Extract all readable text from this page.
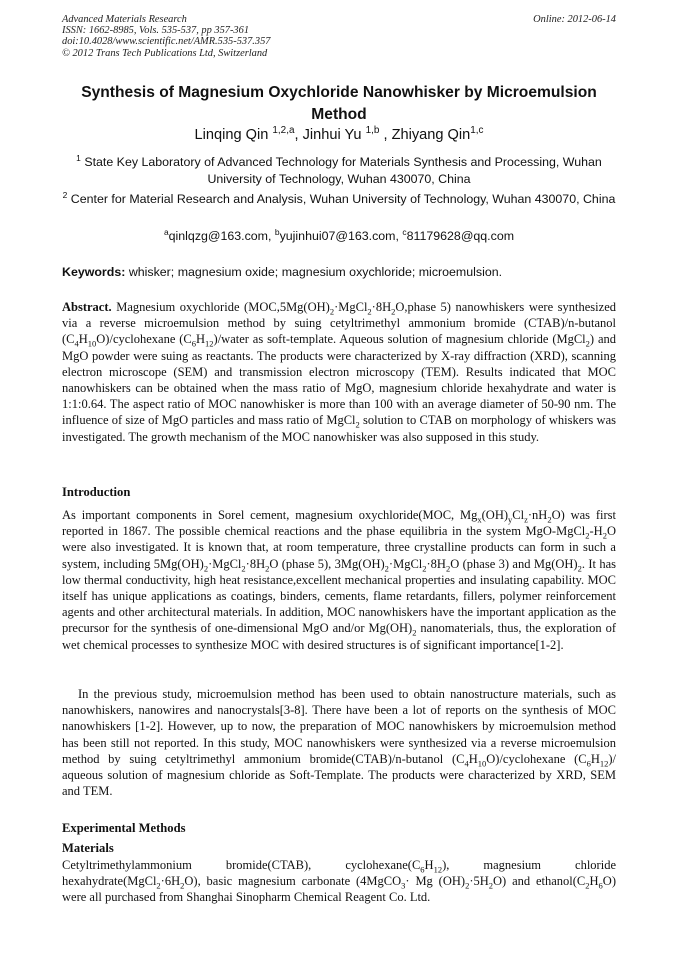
Advanced Materials Research
ISSN: 1662-8985, Vols. 535-537, pp 357-361
doi:10.4028/www.scientific.net/AMR.535-537.357
© 2012 Trans Tech Publications Ltd, Switzerland
Online: 2012-06-14
Synthesis of Magnesium Oxychloride Nanowhisker by Microemulsion Method
Linqing Qin $^{1,2,a}$, Jinhui Yu $^{1,b}$ , Zhiyang Qin$^{1,c}$
$^1$ State Key Laboratory of Advanced Technology for Materials Synthesis and Processing, Wuhan University of Technology, Wuhan 430070, China
$^2$ Center for Material Research and Analysis, Wuhan University of Technology, Wuhan 430070, China
$^a$qinlqzg@163.com, $^b$yujinhui07@163.com, $^c$81179628@qq.com
Keywords: whisker; magnesium oxide; magnesium oxychloride; microemulsion.
Abstract. Magnesium oxychloride ($MOC,5Mg(OH)_2\cdot MgCl_2\cdot 8H_2O,phase$ 5) nanowhiskers were synthesized via a reverse microemulsion method by suing cetyltrimethyl ammonium bromide (CTAB)/n-butanol $(C_4H_{10}O)$/cyclohexane $(C_6H_{12})$/water as soft-template. Aqueous solution of magnesium chloride (MgCl$_2$) and MgO powder were suing as reactants. The products were characterized by X-ray diffraction (XRD), scanning electron microscope (SEM) and transmission electron microscopy (TEM). Results indicated that MOC nanowhiskers can be obtained when the mass ratio of MgO, magnesium chloride hexahydrate and water is 1:1:0.64. The aspect ratio of MOC nanowhisker is more than 100 with an average diameter of 50-90 nm. The influence of size of MgO particles and mass ratio of MgCl$_2$ solution to CTAB on morphology of whiskers was investigated. The growth mechanism of the MOC nanowhisker was also supposed in this study.
Introduction
As important components in Sorel cement, magnesium oxychloride(MOC, $Mg_x(OH)_yCl_z\cdot nH_2O$) was first reported in 1867. The possible chemical reactions and the phase equilibria in the system MgO-$MgCl_2-H_2O$ were also investigated. It is known that, at room temperature, three crystalline products can form in such a system, including $5Mg(OH)_2\cdot MgCl_2\cdot 8H_2O$ (phase 5), $3Mg(OH)_2\cdot MgCl_2\cdot 8H_2O$ (phase 3) and $Mg(OH)_2$. It has low thermal conductivity, high heat resistance,excellent mechanical properties and insulating capability. MOC itself has unique applications as coatings, binders, cements, flame retardants, fillers, polymer reinforcement agents and other architectural materials. In addition, MOC nanowhiskers have the important application as the precursor for the synthesis of one-dimensional MgO and/or $Mg(OH)_2$ nanomaterials, thus, the exploration of wet chemical processes to synthesize MOC with desired structures is of significant importance[1-2].
In the previous study, microemulsion method has been used to obtain nanostructure materials, such as nanowhiskers, nanowires and nanocrystals[3-8]. There have been a lot of reports on the synthesis of MOC nanowhiskers [1-2]. However, up to now, the preparation of MOC nanowhiskers by microemulsion method has been still not reported. In this study, MOC nanowhiskers were synthesized via a reverse microemulsion method by suing cetyltrimethyl ammonium bromide(CTAB)/n-butanol $(C_4H_{10}O)$/cyclohexane $(C_6H_{12})/$ aqueous solution of magnesium chloride as Soft-Template. The products were characterized by XRD, SEM and TEM.
Experimental Methods
Materials
Cetyltrimethylammonium bromide(CTAB), $cyclohexane(C_6H_{12})$, magnesium chloride $hexahydrate(MgCl_2\cdot 6H_2O)$, basic magnesium carbonate (4MgCO$_3$· Mg $(OH)_2\cdot 5H_2O$) and $ethanol(C_2H_6O)$ were all purchased from Shanghai Sinopharm Chemical Reagent Co. Ltd.
